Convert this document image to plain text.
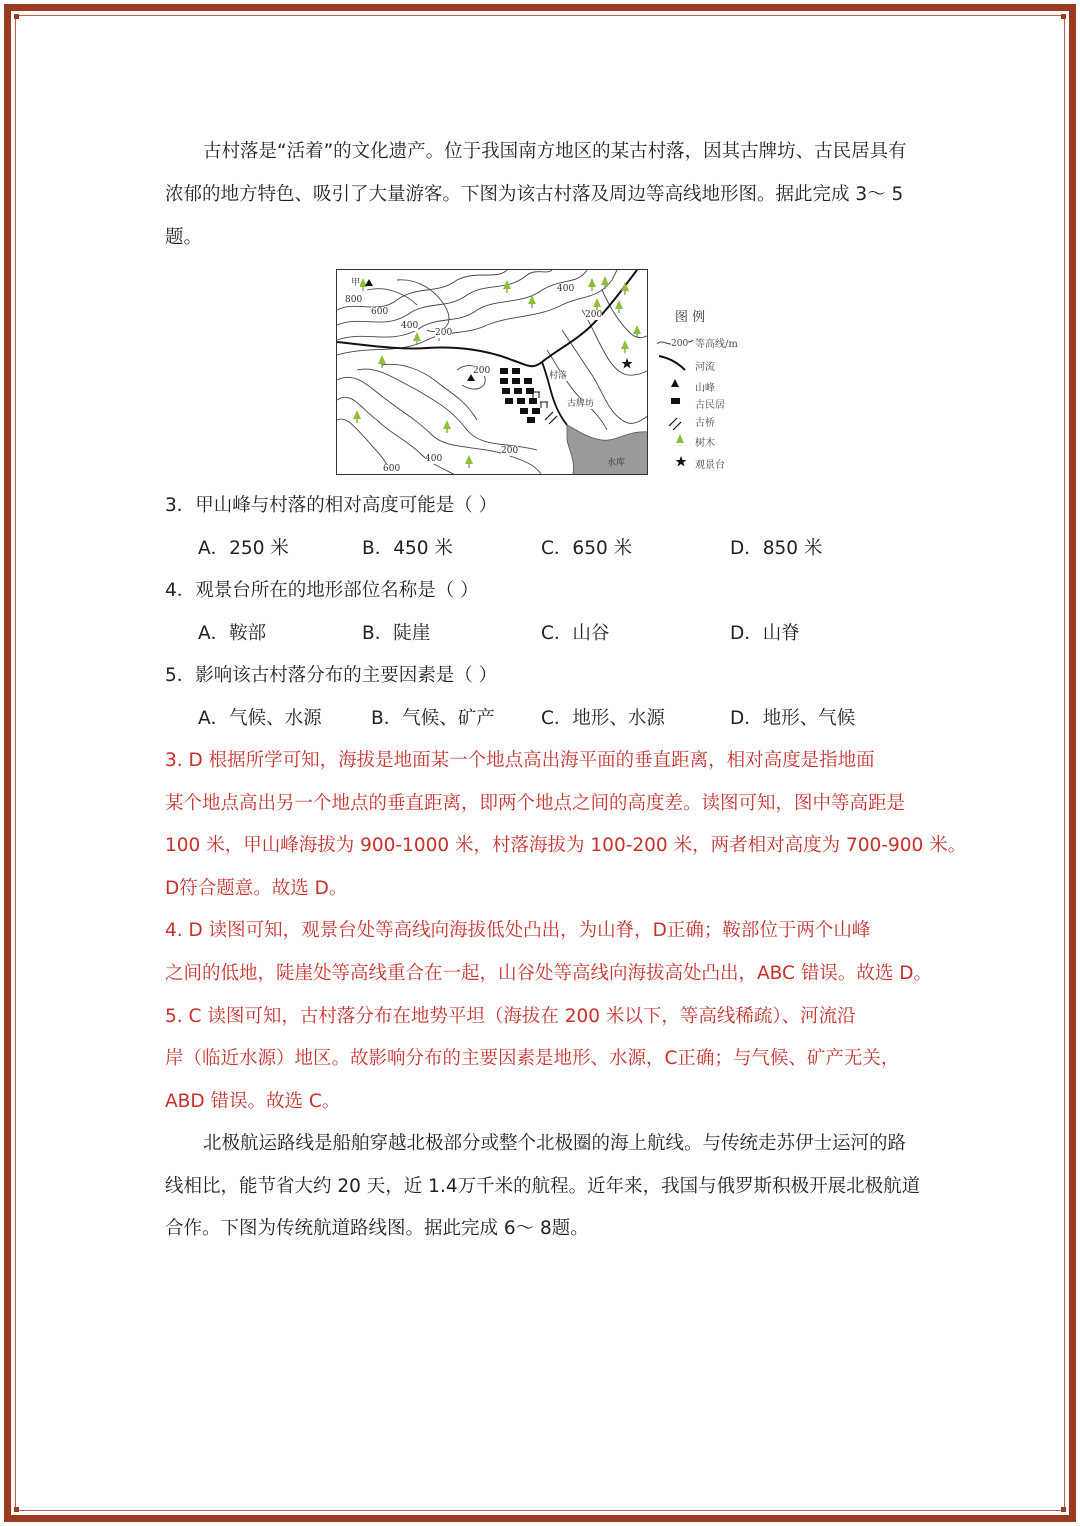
古村落是“活着”的文化遗产。位于我国南方地区的某古村落，因其古牌坊、古民居具有
浓郁的地方特色、吸引了大量游客。下图为该古村落及周边等高线地形图。据此完成 3～ 5
题。
甲
800
600
400
200
200
400
200
600
400
200
村落
古牌坊
水库
图 例
200 等高线/m
河流
山峰
古民居
古桥
树木
观景台
3．甲山峰与村落的相对高度可能是（ ）
A．250 米	B．450 米	C．650 米	D．850 米
4．观景台所在的地形部位名称是（ ）
A．鞍部	B．陡崖	C．山谷	D．山脊
5．影响该古村落分布的主要因素是（ ）
A．气候、水源	B．气候、矿产	C．地形、水源	D．地形、气候
3. D 根据所学可知，海拔是地面某一个地点高出海平面的垂直距离，相对高度是指地面
某个地点高出另一个地点的垂直距离，即两个地点之间的高度差。读图可知，图中等高距是
100 米，甲山峰海拔为 900-1000 米，村落海拔为 100-200 米，两者相对高度为 700-900 米。
D符合题意。故选 D。
4. D 读图可知，观景台处等高线向海拔低处凸出，为山脊，D正确；鞍部位于两个山峰
之间的低地，陡崖处等高线重合在一起，山谷处等高线向海拔高处凸出，ABC 错误。故选 D。
5. C 读图可知，古村落分布在地势平坦（海拔在 200 米以下，等高线稀疏）、河流沿
岸（临近水源）地区。故影响分布的主要因素是地形、水源，C正确；与气候、矿产无关，
ABD 错误。故选 C。
北极航运路线是船舶穿越北极部分或整个北极圈的海上航线。与传统走苏伊士运河的路
线相比，能节省大约 20 天，近 1.4万千米的航程。近年来，我国与俄罗斯积极开展北极航道
合作。下图为传统航道路线图。据此完成 6～ 8题。
